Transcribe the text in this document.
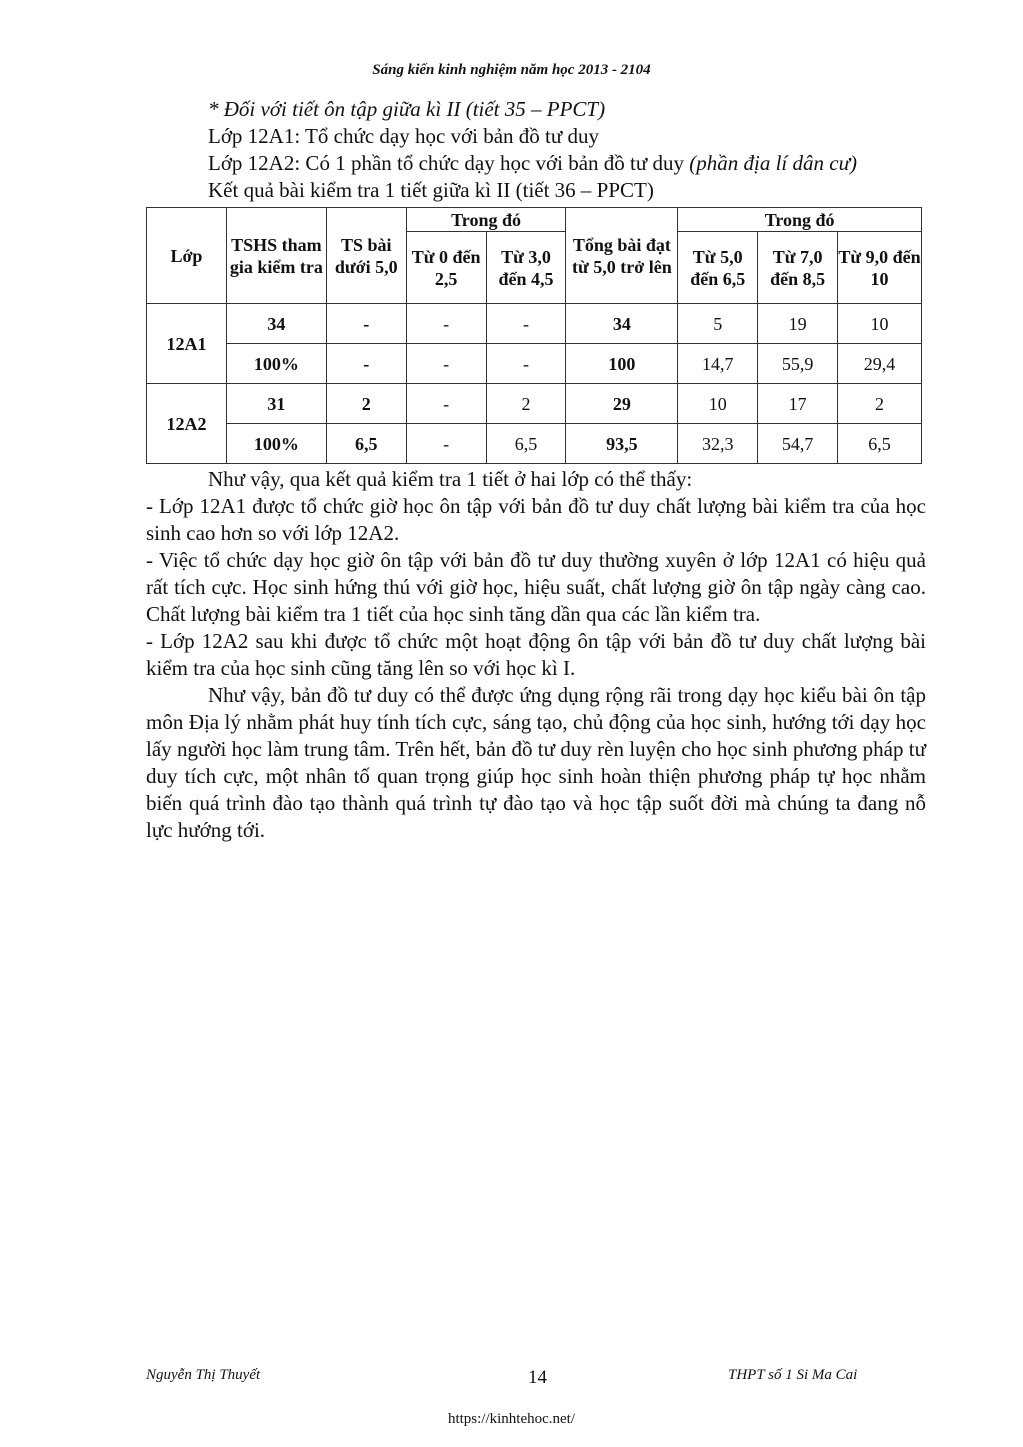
Sáng kiến kinh nghiệm năm học 2013 - 2104

* Đối với tiết ôn tập giữa kì II (tiết 35 – PPCT)

Lớp 12A1: Tổ chức dạy học với bản đồ tư duy

Lớp 12A2: Có 1 phần tổ chức dạy học với bản đồ tư duy (phần địa lí dân cư)

Kết quả bài kiểm tra 1 tiết giữa kì II (tiết 36 – PPCT)

Lớp	TSHS tham gia kiểm tra	TS bài dưới 5,0	Trong đó		Tổng bài đạt từ 5,0 trở lên	Trong đó		
			Từ 0 đến 2,5	Từ 3,0 đến 4,5		Từ 5,0 đến 6,5	Từ 7,0 đến 8,5	Từ 9,0 đến 10
12A1	34	-	-	-	34	5	19	10
	100%	-	-	-	100	14,7	55,9	29,4
12A2	31	2	-	2	29	10	17	2
	100%	6,5	-	6,5	93,5	32,3	54,7	6,5

Như vậy, qua kết quả kiểm tra 1 tiết ở hai lớp có thể thấy:

- Lớp 12A1 được tổ chức giờ học ôn tập với bản đồ tư duy chất lượng bài kiểm tra của học sinh cao hơn so với lớp 12A2.

- Việc tổ chức dạy học giờ ôn tập với bản đồ tư duy thường xuyên ở lớp 12A1 có hiệu quả rất tích cực. Học sinh hứng thú với giờ học, hiệu suất, chất lượng giờ ôn tập ngày càng cao. Chất lượng bài kiểm tra 1 tiết của học sinh tăng dần qua các lần kiểm tra.

- Lớp 12A2 sau khi được tổ chức một hoạt động ôn tập với bản đồ tư duy chất lượng bài kiểm tra của học sinh cũng tăng lên so với học kì I.

Như vậy, bản đồ tư duy có thể được ứng dụng rộng rãi trong dạy học kiểu bài ôn tập môn Địa lý nhằm phát huy tính tích cực, sáng tạo, chủ động của học sinh, hướng tới dạy học lấy người học làm trung tâm. Trên hết, bản đồ tư duy rèn luyện cho học sinh phương pháp tư duy tích cực, một nhân tố quan trọng giúp học sinh hoàn thiện phương pháp tự học nhằm biến quá trình đào tạo thành quá trình tự đào tạo và học tập suốt đời mà chúng ta đang nỗ lực hướng tới.

Nguyễn Thị Thuyết	14	THPT số 1 Si Ma Cai
https://kinhtehoc.net/
